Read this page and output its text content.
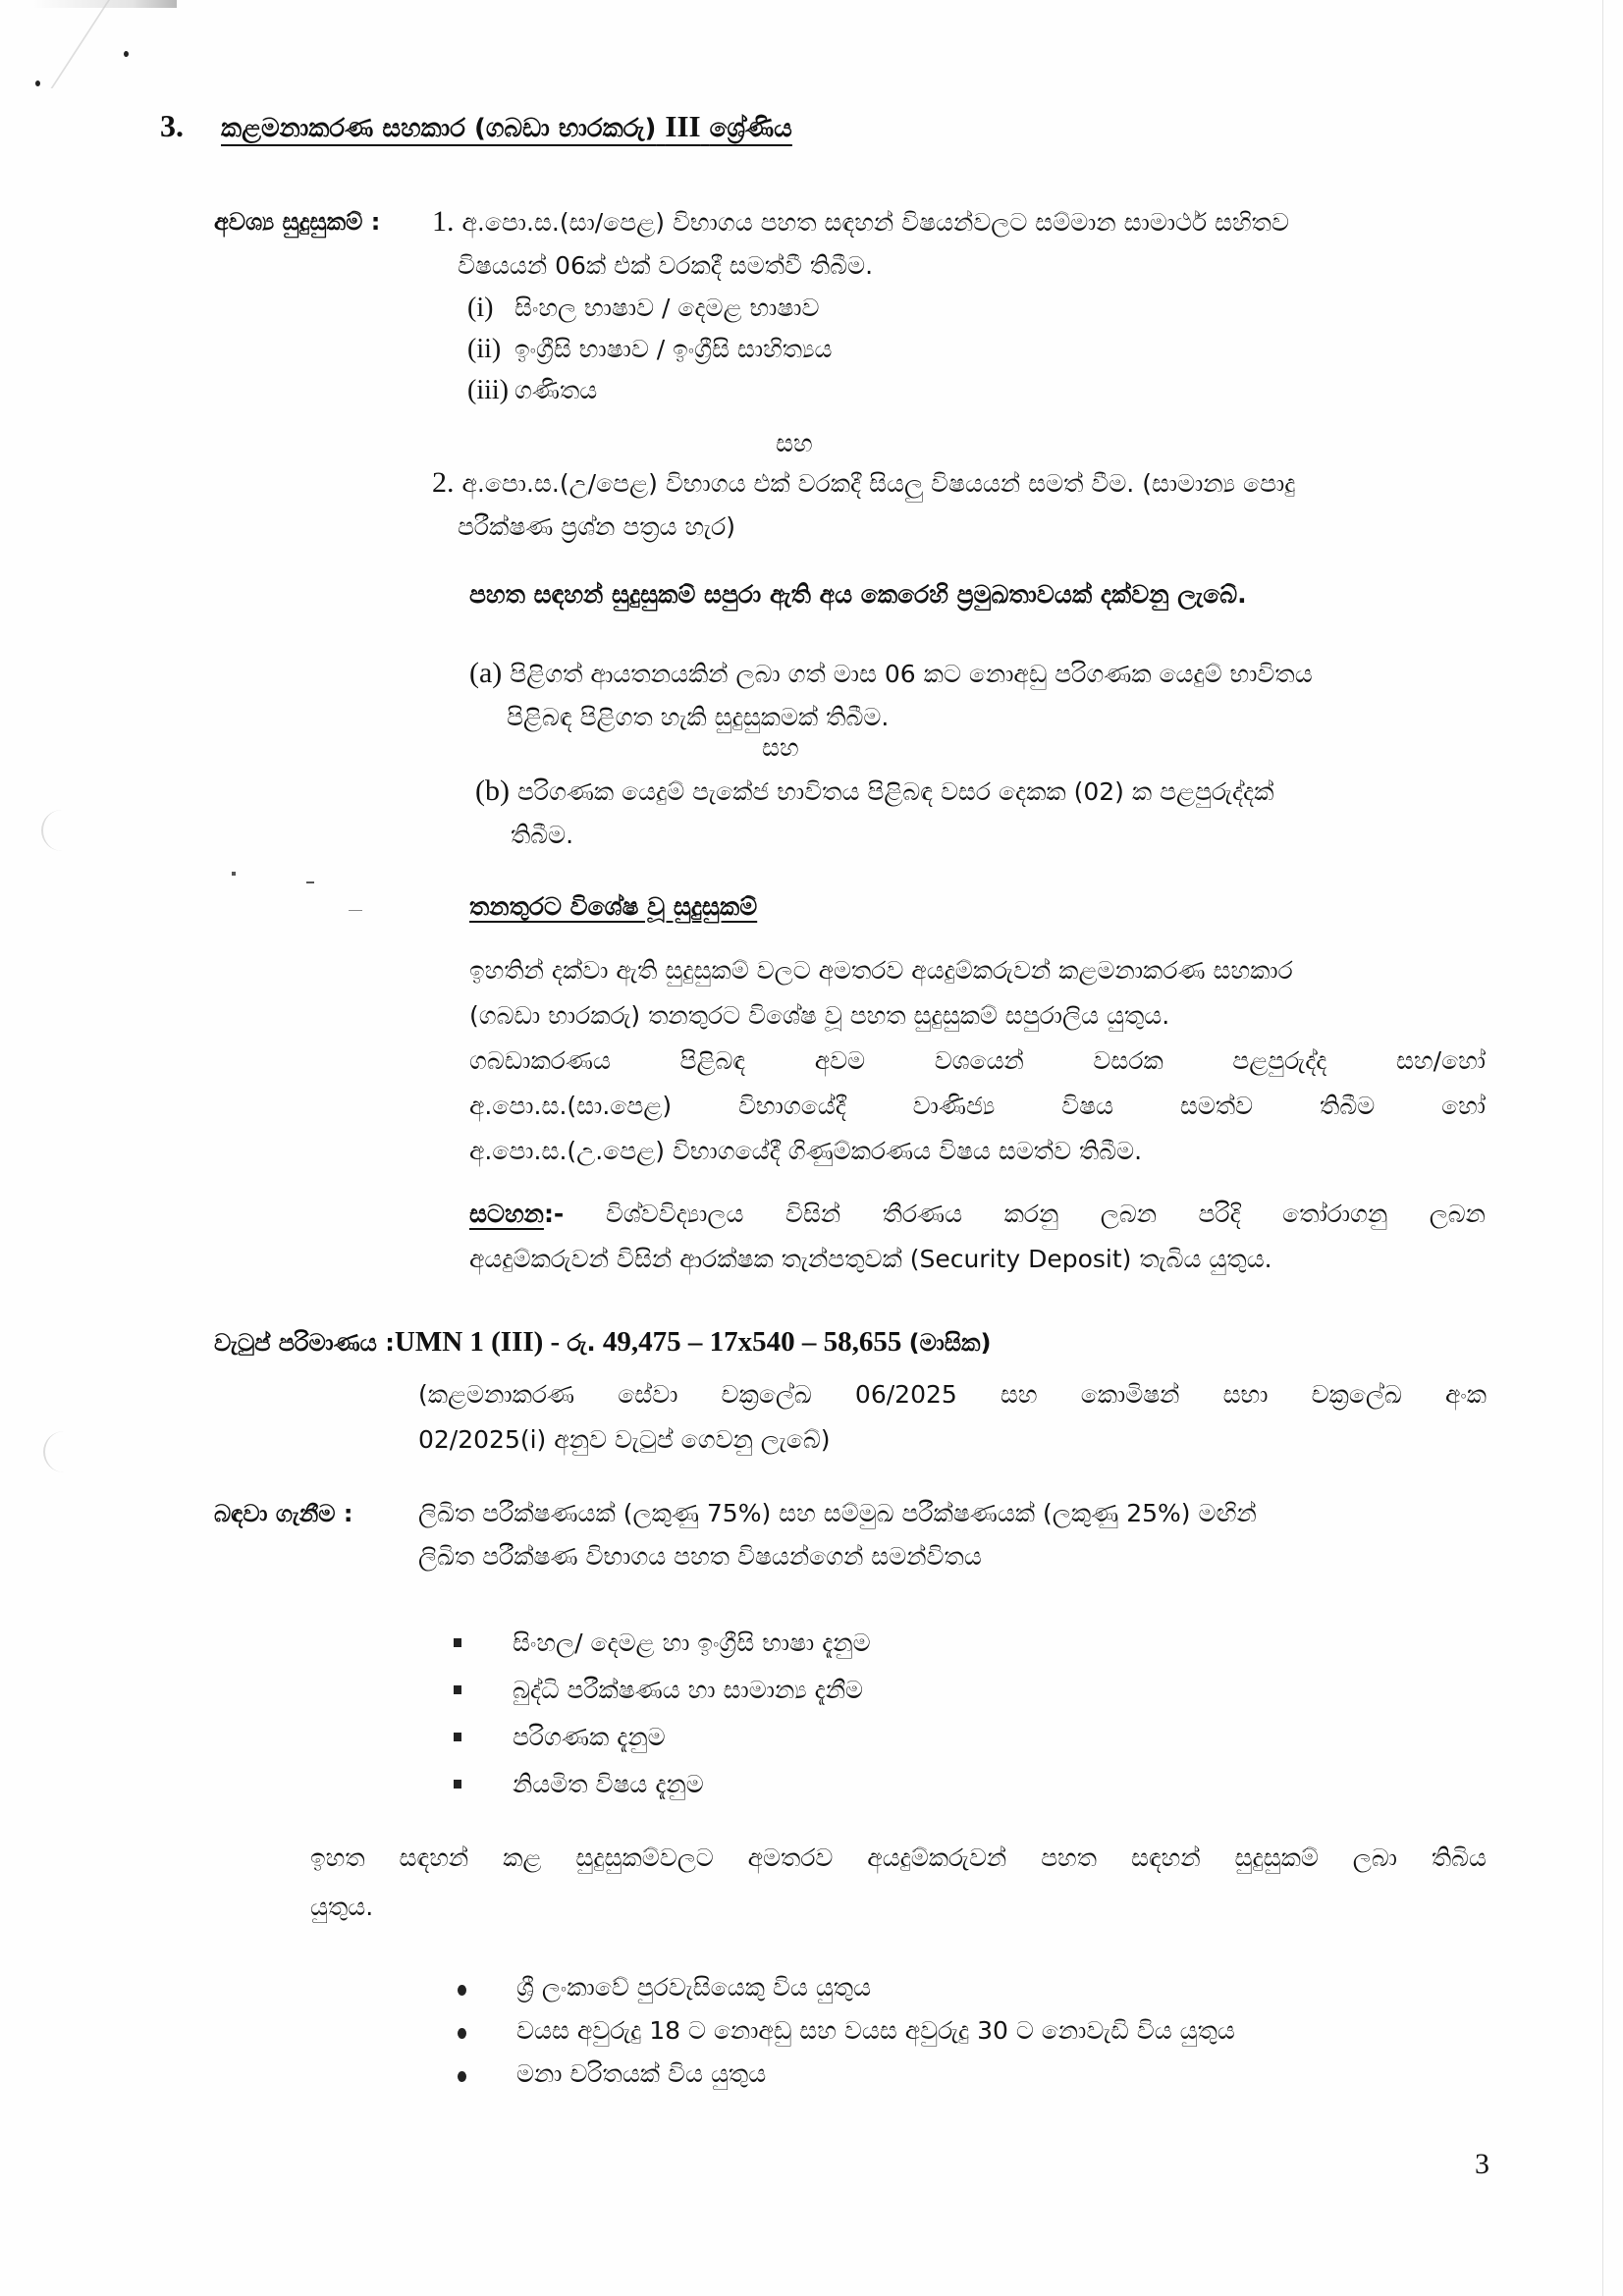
3. කළමනාකරණ සහකාර (ගබඩා භාරකරු) III ශ්‍රේණිය
අවශ්‍ය සුදුසුකම් : 1. අ.පො.ස.(සා/පෙළ) විභාගය පහත සඳහන් විෂයන්වලට සම්මාන සාමාර්ථ සහිතව
විෂයයන් 06ක් එක් වරකදී සමත්වී තිබීම.
(i) සිංහල භාෂාව / දෙමළ භාෂාව
(ii) ඉංග්‍රීසි භාෂාව / ඉංග්‍රීසි සාහිත්‍යය
(iii) ගණිතය
සහ
2. අ.පො.ස.(උ/පෙළ) විභාගය එක් වරකදී සියලු විෂයයන් සමත් වීම. (සාමාන්‍ය පොදු
පරීක්ෂණ ප්‍රශ්න පත්‍රය හැර)
පහත සඳහන් සුදුසුකම් සපුරා ඇති අය කෙරෙහි ප්‍රමුඛතාවයක් දක්වනු ලැබේ.
(a) පිළිගත් ආයතනයකින් ලබා ගත් මාස 06 කට නොඅඩු පරිගණක යෙදුම් භාවිතය
පිළිබඳ පිළිගත හැකි සුදුසුකමක් තිබීම.
සහ
(b) පරිගණක යෙදුම් පැකේජ භාවිතය පිළිබඳ වසර දෙකක (02) ක පළපුරුද්දක්
තිබීම.
තනතුරට විශේෂ වූ සුදුසුකම්
ඉහතින් දක්වා ඇති සුදුසුකම් වලට අමතරව අයදුම්කරුවන් කළමනාකරණ සහකාර
(ගබඩා භාරකරු) තනතුරට විශේෂ වූ පහත සුදුසුකම් සපුරාලිය යුතුය.
ගබඩාකරණය පිළිබඳ අවම වශයෙන් වසරක පළපුරුද්ද සහ/හෝ
අ.පො.ස.(සා.පෙළ) විභාගයේදී වාණිජ්‍ය විෂය සමත්ව තිබීම හෝ
අ.පො.ස.(උ.පෙළ) විභාගයේදී ගිණුම්කරණය විෂය සමත්ව තිබීම.
සටහන:- විශ්වවිද්‍යාලය විසින් තීරණය කරනු ලබන පරිදි තෝරාගනු ලබන
අයදුම්කරුවන් විසින් ආරක්ෂක තැන්පතුවක් (Security Deposit) තැබිය යුතුය.
වැටුප් පරිමාණය :UMN 1 (III) - රු. 49,475 – 17x540 – 58,655 (මාසික)
(කළමනාකරණ සේවා චක්‍රලේඛ 06/2025 සහ කොමිෂන් සභා චක්‍රලේඛ අංක
02/2025(i) අනුව වැටුප් ගෙවනු ලැබේ)
බඳවා ගැනීම :	ලිඛිත පරීක්ෂණයක් (ලකුණු 75%) සහ සම්මුඛ පරීක්ෂණයක් (ලකුණු 25%) මඟින්
ලිඛිත පරීක්ෂණ විභාගය පහත විෂයන්ගෙන් සමන්විතය
සිංහල/ දෙමළ හා ඉංග්‍රීසි භාෂා දැනුම
බුද්ධි පරීක්ෂණය හා සාමාන්‍ය දැනීම
පරිගණක දැනුම
නියමිත විෂය දැනුම
ඉහත සඳහන් කළ සුදුසුකම්වලට අමතරව අයදුම්කරුවන් පහත සඳහන් සුදුසුකම් ලබා තිබිය
යුතුය.
ශ්‍රී ලංකාවේ පුරවැසියෙකු විය යුතුය
වයස අවුරුදු 18 ට නොඅඩු සහ වයස අවුරුදු 30 ට නොවැඩි විය යුතුය
මනා චරිතයක් විය යුතුය
3
